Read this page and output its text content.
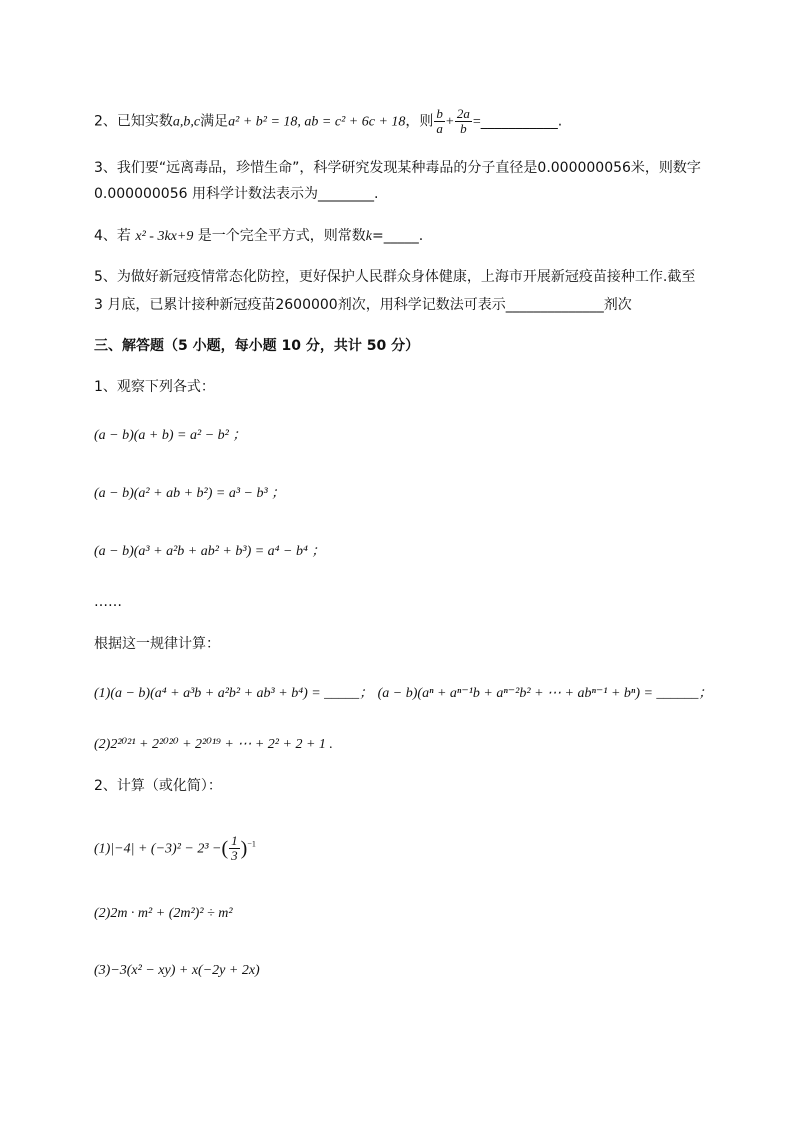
2、已知实数a,b,c满足a² + b² = 18, ab = c² + 6c + 18，则 $\frac{b}{a} + \frac{2a}{b}$ =___________.
3、我们要“远离毒品，珍惜生命”，科学研究发现某种毒品的分子直径是0.000000056米，则数字
0.000000056 用科学计数法表示为________.
4、若 x² - 3kx+9 是一个完全平方式，则常数k=_____.
5、为做好新冠疫情常态化防控，更好保护人民群众身体健康，上海市开展新冠疫苗接种工作.截至
3 月底，已累计接种新冠疫苗2600000剂次，用科学记数法可表示______________剂次
三、解答题（5 小题，每小题 10 分，共计 50 分）
1、观察下列各式：
(a − b)(a + b) = a² − b² ；
(a − b)(a² + ab + b²) = a³ − b³ ；
(a − b)(a³ + a²b + ab² + b³) = a⁴ − b⁴ ；
……
根据这一规律计算：
(1)(a − b)(a⁴ + a³b + a²b² + ab³ + b⁴) = _____； (a − b)(aⁿ + aⁿ⁻¹b + aⁿ⁻²b² + ⋯ + abⁿ⁻¹ + bⁿ) = ______；
(2)2²⁰²¹ + 2²⁰²⁰ + 2²⁰¹⁹ + ⋯ + 2² + 2 + 1 .
2、计算（或化简）：
(1)|−4| + (−3)² − 2³ −( $\frac{1}{3} )^{-1}$
(2)2m · m² + (2m²)² ÷ m²
(3)−3(x² − xy) + x(−2y + 2x)
